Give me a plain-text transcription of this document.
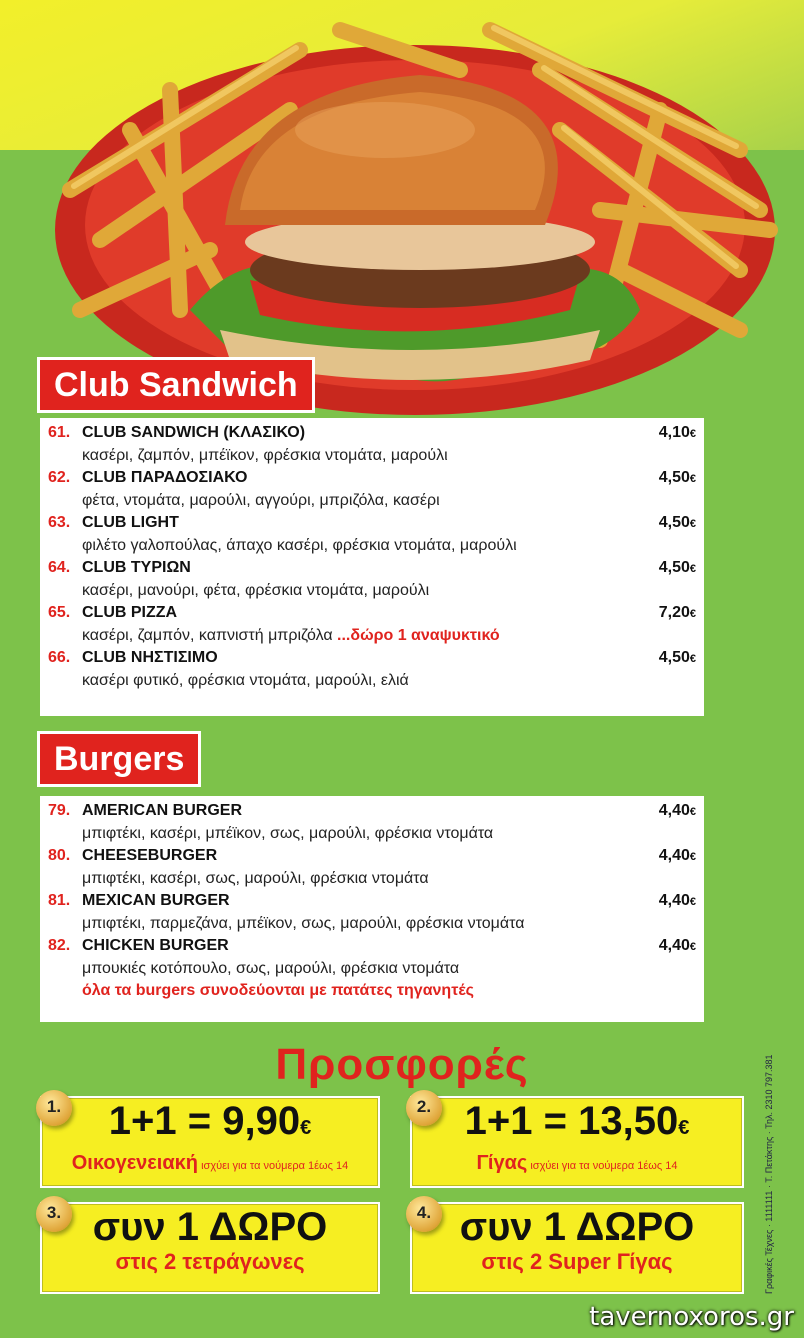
Club Sandwich
61. CLUB SANDWICH (ΚΛΑΣΙΚΟ)	4,10€
κασέρι, ζαμπόν, μπέϊκον, φρέσκια ντομάτα, μαρούλι
62. CLUB ΠΑΡΑΔΟΣΙΑΚΟ	4,50€
φέτα, ντομάτα, μαρούλι, αγγούρι, μπριζόλα, κασέρι
63. CLUB LIGHT	4,50€
φιλέτο γαλοπούλας, άπαχο κασέρι, φρέσκια ντομάτα, μαρούλι
64. CLUB ΤΥΡΙΩΝ	4,50€
κασέρι, μανούρι, φέτα, φρέσκια ντομάτα, μαρούλι
65. CLUB PIZZA	7,20€
κασέρι, ζαμπόν, καπνιστή μπριζόλα ...δώρο 1 αναψυκτικό
66. CLUB ΝΗΣΤΙΣΙΜΟ	4,50€
κασέρι φυτικό, φρέσκια ντομάτα, μαρούλι, ελιά
Burgers
79. AMERICAN BURGER	4,40€
μπιφτέκι, κασέρι, μπέϊκον, σως, μαρούλι, φρέσκια ντομάτα
80. CHEESEBURGER	4,40€
μπιφτέκι, κασέρι, σως, μαρούλι, φρέσκια ντομάτα
81. MEXICAN BURGER	4,40€
μπιφτέκι, παρμεζάνα, μπέϊκον, σως, μαρούλι, φρέσκια ντομάτα
82. CHICKEN BURGER	4,40€
μπουκιές κοτόπουλο, σως, μαρούλι, φρέσκια ντομάτα
όλα τα burgers συνοδεύονται με πατάτες τηγανητές
Προσφορές
1.	1+1 = 9,90€
Οικογενειακή ισχύει για τα νούμερα 1έως 14
2. 1+1 = 13,50€
Γίγας ισχύει για τα νούμερα 1έως 14
3. συν 1 ΔΩΡΟ
στις 2 τετράγωνες
4. συν 1 ΔΩΡΟ
στις 2 Super Γίγας	Γραφικές Τέχνες · 1111111 · Τ. Πετάκτης · Τηλ. 2310 797.381
tavernoxoros.gr
